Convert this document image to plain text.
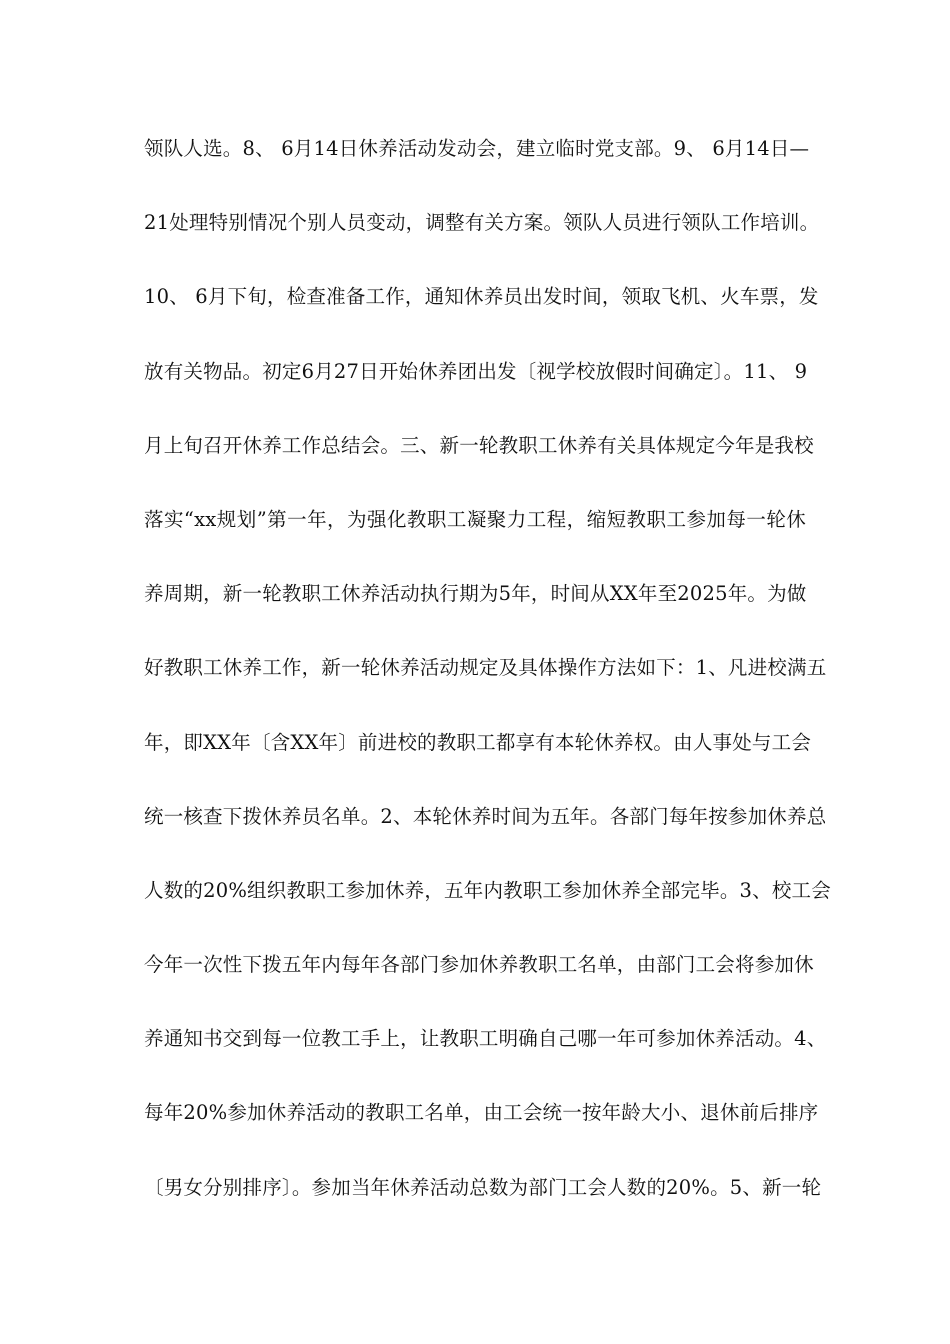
领队人选。8、 6月14日休养活动发动会，建立临时党支部。9、 6月14日—
21处理特别情况个别人员变动，调整有关方案。领队人员进行领队工作培训。
10、 6月下旬，检查准备工作，通知休养员出发时间，领取飞机、火车票，发
放有关物品。初定6月27日开始休养团出发〔视学校放假时间确定〕。11、 9
月上旬召开休养工作总结会。三、新一轮教职工休养有关具体规定今年是我校
落实“xx规划”第一年，为强化教职工凝聚力工程，缩短教职工参加每一轮休
养周期，新一轮教职工休养活动执行期为5年，时间从XX年至2025年。为做
好教职工休养工作，新一轮休养活动规定及具体操作方法如下：1、凡进校满五
年，即XX年〔含XX年〕前进校的教职工都享有本轮休养权。由人事处与工会
统一核查下拨休养员名单。2、本轮休养时间为五年。各部门每年按参加休养总
人数的20%组织教职工参加休养，五年内教职工参加休养全部完毕。3、校工会
今年一次性下拨五年内每年各部门参加休养教职工名单，由部门工会将参加休
养通知书交到每一位教工手上，让教职工明确自己哪一年可参加休养活动。4、
每年20%参加休养活动的教职工名单，由工会统一按年龄大小、退休前后排序
〔男女分别排序〕。参加当年休养活动总数为部门工会人数的20%。5、新一轮
